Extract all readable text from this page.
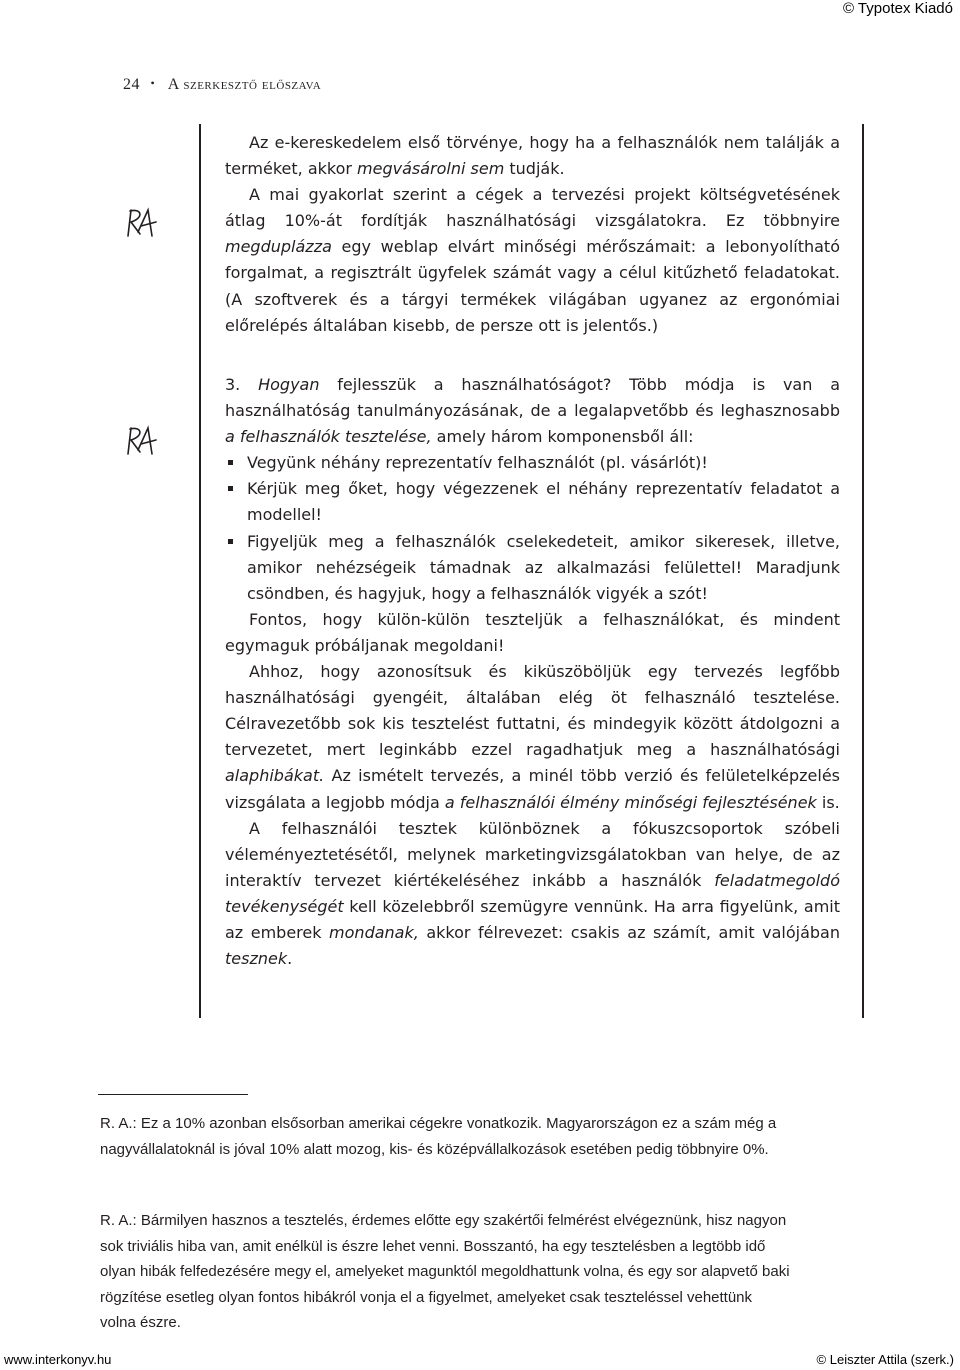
© Typotex Kiadó
24 • A szerkesztő előszava

Az e-kereskedelem első törvénye, hogy ha a felhasználók nem találják a terméket, akkor megvásárolni sem tudják.

A mai gyakorlat szerint a cégek a tervezési projekt költségvetésének átlag 10%-át fordítják használhatósági vizsgálatokra. Ez többnyire megduplázza egy weblap elvárt minőségi mérőszámait: a lebonyolítható forgalmat, a regisztrált ügyfelek számát vagy a célul kitűzhető feladatokat. (A szoftverek és a tárgyi termékek világában ugyanez az ergonómiai előrelépés általában kisebb, de persze ott is jelentős.)

3. Hogyan fejlesszük a használhatóságot? Több módja is van a használhatóság tanulmányozásának, de a legalapvetőbb és leghasznosabb a felhasználók tesztelése, amely három komponensből áll:

Vegyünk néhány reprezentatív felhasználót (pl. vásárlót)!
Kérjük meg őket, hogy végezzenek el néhány reprezentatív feladatot a modellel!
Figyeljük meg a felhasználók cselekedeteit, amikor sikeresek, illetve, amikor nehézségeik támadnak az alkalmazási felülettel! Maradjunk csöndben, és hagyjuk, hogy a felhasználók vigyék a szót!

Fontos, hogy külön-külön teszteljük a felhasználókat, és mindent egymaguk próbáljanak megoldani!

Ahhoz, hogy azonosítsuk és kiküszöböljük egy tervezés legfőbb használhatósági gyengéit, általában elég öt felhasználó tesztelése. Célravezetőbb sok kis tesztelést futtatni, és mindegyik között átdolgozni a tervezetet, mert leginkább ezzel ragadhatjuk meg a használhatósági alaphibákat. Az ismételt tervezés, a minél több verzió és felületelképzelés vizsgálata a legjobb módja a felhasználói élmény minőségi fejlesztésének is.

A felhasználói tesztek különböznek a fókuszcsoportok szóbeli véleményeztetésétől, melynek marketingvizsgálatokban van helye, de az interaktív tervezet kiértékeléséhez inkább a használók feladatmegoldó tevékenységét kell közelebbről szemügyre vennünk. Ha arra figyelünk, amit az emberek mondanak, akkor félrevezet: csakis az számít, amit valójában tesznek.

R. A.: Ez a 10% azonban elsősorban amerikai cégekre vonatkozik. Magyarországon ez a szám még a nagyvállalatoknál is jóval 10% alatt mozog, kis- és középvállalkozások esetében pedig többnyire 0%.

R. A.: Bármilyen hasznos a tesztelés, érdemes előtte egy szakértői felmérést elvégeznünk, hisz nagyon sok triviális hiba van, amit enélkül is észre lehet venni. Bosszantó, ha egy tesztelésben a legtöbb idő olyan hibák felfedezésére megy el, amelyeket magunktól megoldhattunk volna, és egy sor alapvető baki rögzítése esetleg olyan fontos hibákról vonja el a figyelmet, amelyeket csak teszteléssel vehettünk volna észre.

www.interkonyv.hu	© Leiszter Attila (szerk.)
